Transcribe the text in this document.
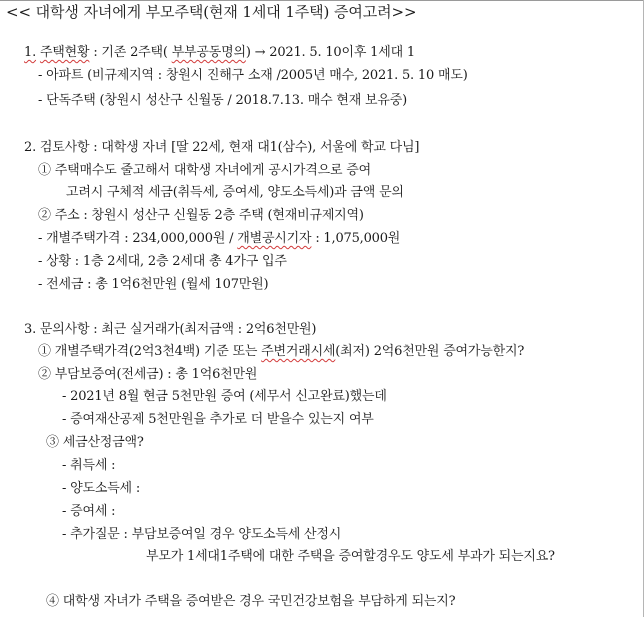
<< 대학생 자녀에게 부모주택(현재 1세대 1주택) 증여고려>>
1. 주택현황 : 기존 2주택( 부부공동명의) → 2021. 5. 10이후 1세대 1
- 아파트 (비규제지역 : 창원시 진해구 소재 /2005년 매수, 2021. 5. 10 매도)
- 단독주택 (창원시 성산구 신월동 / 2018.7.13. 매수 현재 보유중)
2. 검토사항 : 대학생 자녀 [딸 22세, 현재 대1(삼수), 서울에 학교 다님]
① 주택매수도 줄고해서 대학생 자녀에게 공시가격으로 증여
고려시 구체적 세금(취득세, 증여세, 양도소득세)과 금액 문의
② 주소 : 창원시 성산구 신월동 2층 주택 (현재비규제지역)
- 개별주택가격 : 234,000,000원 / 개별공시기자 : 1,075,000원
- 상황 : 1층 2세대, 2층 2세대 총 4가구 입주
- 전세금 : 총 1억6천만원 (월세 107만원)
3. 문의사항 : 최근 실거래가(최저금액 : 2억6천만원)
① 개별주택가격(2억3천4백) 기준 또는 주변거래시세(최저) 2억6천만원 증여가능한지?
② 부담보증여(전세금) : 총 1억6천만원
- 2021년 8월 현금 5천만원 증여 (세무서 신고완료)했는데
- 증여재산공제 5천만원을 추가로 더 받을수 있는지 여부
③ 세금산정금액?
- 취득세 :
- 양도소득세 :
- 증여세 :
- 추가질문 : 부담보증여일 경우 양도소득세 산정시
부모가 1세대1주택에 대한 주택을 증여할경우도 양도세 부과가 되는지요?
④ 대학생 자녀가 주택을 증여받은 경우 국민건강보험을 부담하게 되는지?
